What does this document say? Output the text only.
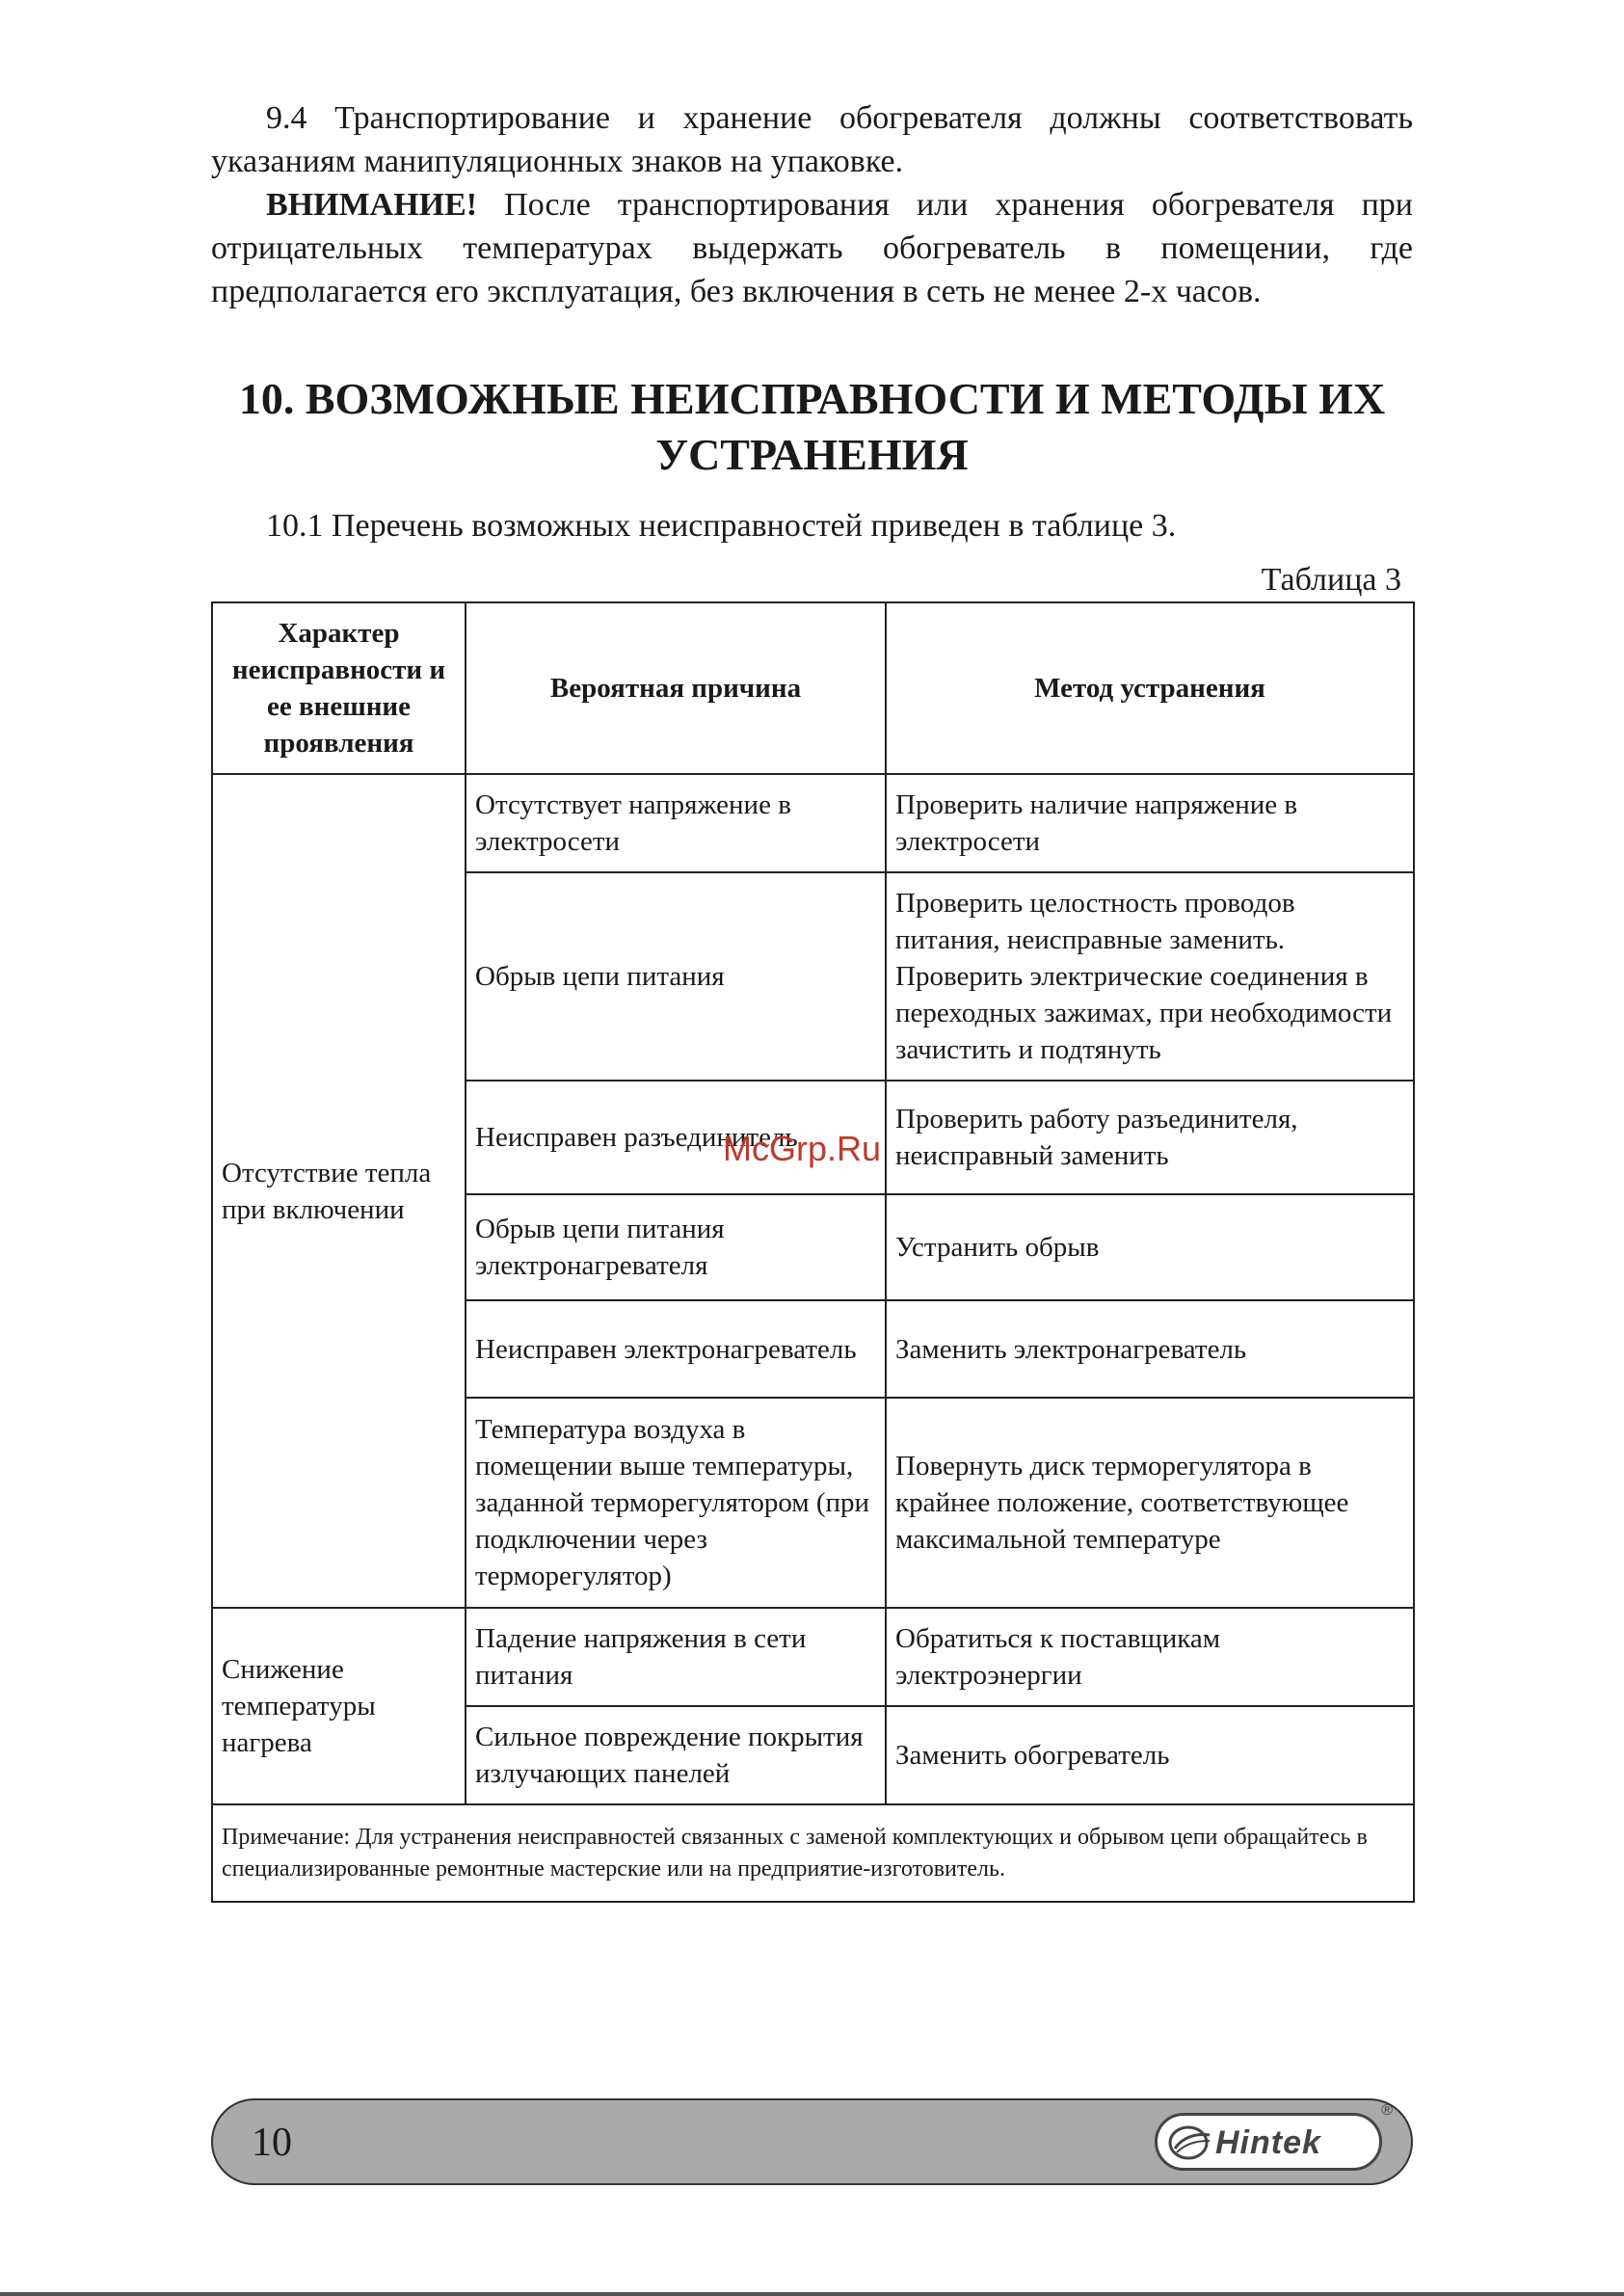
9.4 Транспортирование и хранение обогревателя должны соответствовать указаниям манипуляционных знаков на упаковке.

ВНИМАНИЕ! После транспортирования или хранения обогревателя при отрицательных температурах выдержать обогреватель в помещении, где предполагается его эксплуатация, без включения в сеть не менее 2-х часов.

10. ВОЗМОЖНЫЕ НЕИСПРАВНОСТИ И МЕТОДЫ ИХ
УСТРАНЕНИЯ

10.1 Перечень возможных неисправностей приведен в таблице 3.

Таблица 3
Характер неисправности и ее внешние проявления	Вероятная причина	Метод устранения
Отсутствие тепла при включении	Отсутствует напряжение в электросети	Проверить наличие напряжение в электросети
	Обрыв цепи питания	Проверить целостность проводов питания, неисправные заменить. Проверить электрические соединения в переходных зажимах, при необходимости зачистить и подтянуть
	Неисправен разъединитель	Проверить работу разъединителя, неисправный заменить
	Обрыв цепи питания электронагревателя	Устранить обрыв
	Неисправен электронагреватель	Заменить электронагреватель
	Температура воздуха в помещении выше температуры, заданной терморегулятором (при подключении через терморегулятор)	Повернуть диск терморегулятора в крайнее положение, соответствующее максимальной температуре
Снижение температуры нагрева	Падение напряжения в сети питания	Обратиться к поставщикам электроэнергии
	Сильное повреждение покрытия излучающих панелей	Заменить обогреватель
Примечание: Для устранения неисправностей связанных с заменой комплектующих и обрывом цепи обращайтесь в специализированные ремонтные мастерские или на предприятие-изготовитель.		
McGrp.Ru
10	Hintek
®
